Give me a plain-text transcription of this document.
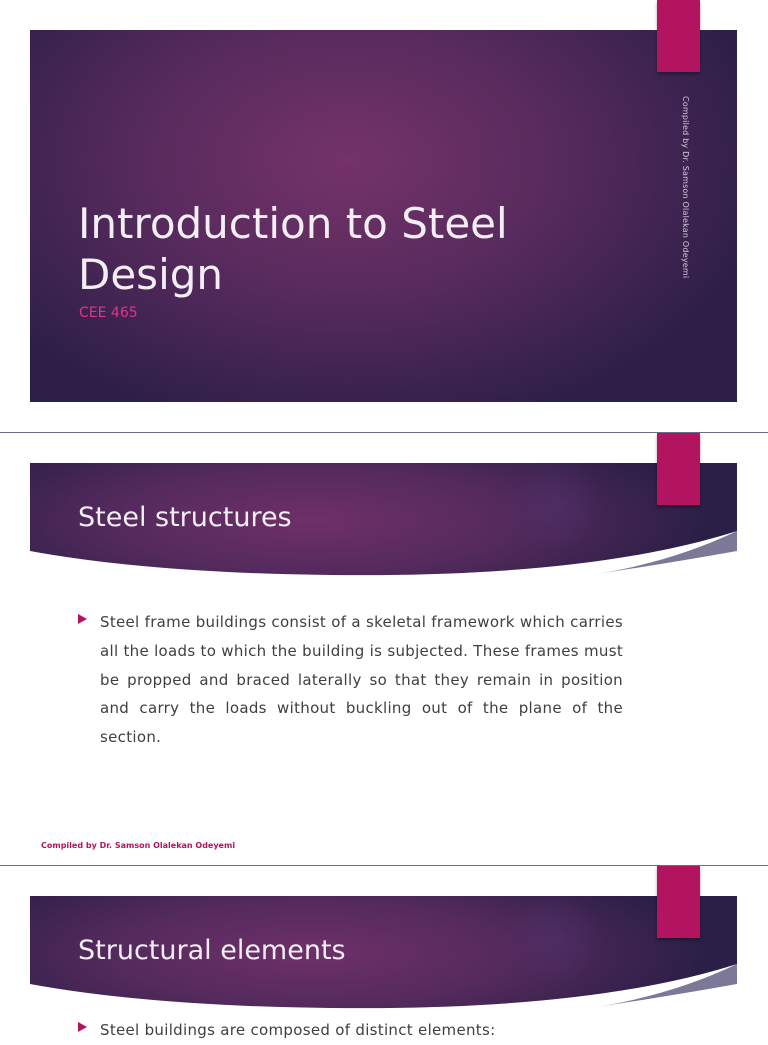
Introduction to Steel Design
CEE 465
Compiled by Dr. Samson Olalekan Odeyemi
Steel structures

Steel frame buildings consist of a skeletal framework which carries all the loads to which the building is subjected. These frames must be propped and braced laterally so that they remain in position and carry the loads without buckling out of the plane of the section.

Compiled by Dr. Samson Olalekan Odeyemi
Structural elements

Steel buildings are composed of distinct elements:
